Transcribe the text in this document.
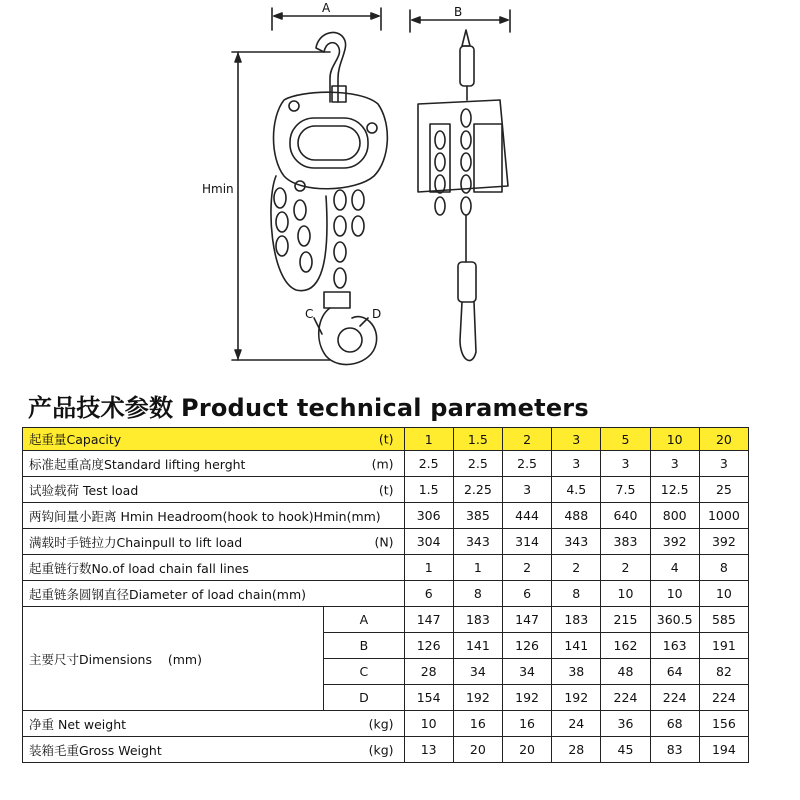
A	B
Hmin
C	D
产品技术参数 Product technical parameters
起重量Capacity (t)		1	1.5	2	3	5	10	20

标准起重高度Standard lifting herght (m)		2.5	2.5	2.5	3	3	3	3

试验载荷 Test load (t)		1.5	2.25	3	4.5	7.5	12.5	25

两钩间量小距离 Hmin Headroom(hook to hook)Hmin(mm)		306	385	444	488	640	800	1000

满载时手链拉力Chainpull to lift load (N)		304	343	314	343	383	392	392

起重链行数No.of load chain fall lines		1	1	2	2	2	4	8

起重链条圆钢直径Diameter of load chain(mm)		6	8	6	8	10	10	10
主要尺寸Dimensions    (mm)	A	147	183	147	183	215	360.5	585
	B	126	141	126	141	162	163	191
	C	28	34	34	38	48	64	82
	D	154	192	192	192	224	224	224

净重 Net weight (kg)		10	16	16	24	36	68	156

装箱毛重Gross Weight (kg)		13	20	20	28	45	83	194
